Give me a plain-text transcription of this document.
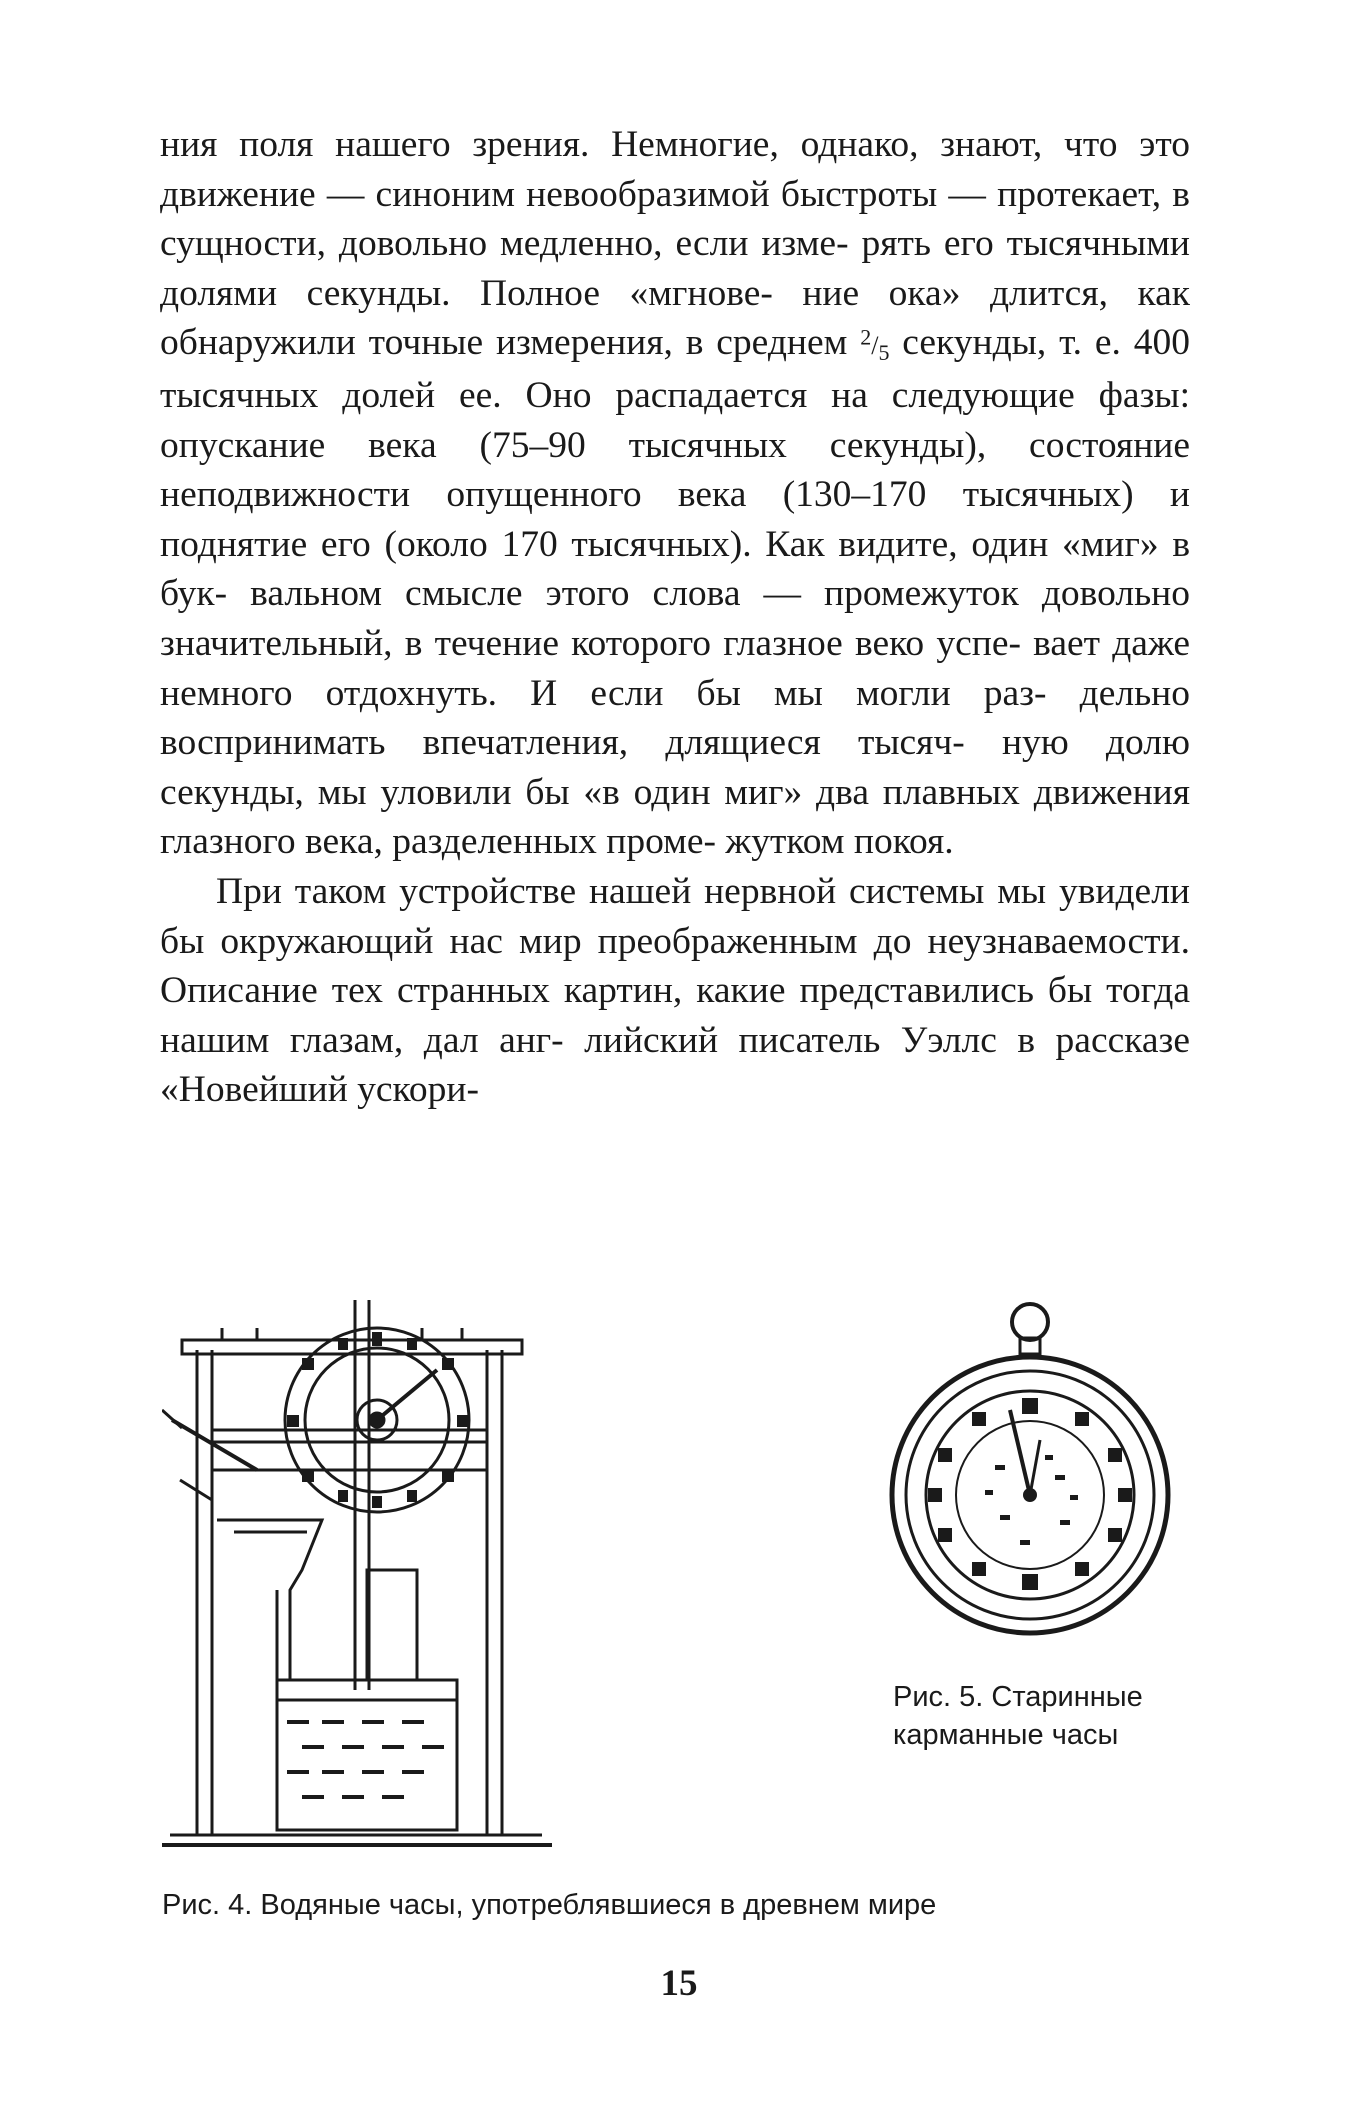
ния поля нашего зрения. Немногие, однако, знают, что это движение — синоним невообразимой быстроты — протекает, в сущности, довольно медленно, если изме- рять его тысячными долями секунды. Полное «мгнове- ние ока» длится, как обнаружили точные измерения, в среднем $^2/_5$ секунды, т. е. 400 тысячных долей ее. Оно распадается на следующие фазы: опускание века (75–90 тысячных секунды), состояние неподвижности опущенного века (130–170 тысячных) и поднятие его (около 170 тысячных). Как видите, один «миг» в бук- вальном смысле этого слова — промежуток довольно значительный, в течение которого глазное веко успе- вает даже немного отдохнуть. И если бы мы могли раз- дельно воспринимать впечатления, длящиеся тысяч- ную долю секунды, мы уловили бы «в один миг» два плавных движения глазного века, разделенных проме- жутком покоя.

При таком устройстве нашей нервной системы мы увидели бы окружающий нас мир преображенным до неузнаваемости. Описание тех странных картин, какие представились бы тогда нашим глазам, дал анг- лийский писатель Уэллс в рассказе «Новейший ускори-

Рис. 5. Старинные
карманные часы
Рис. 4. Водяные часы, употреблявшиеся в древнем мире
15
